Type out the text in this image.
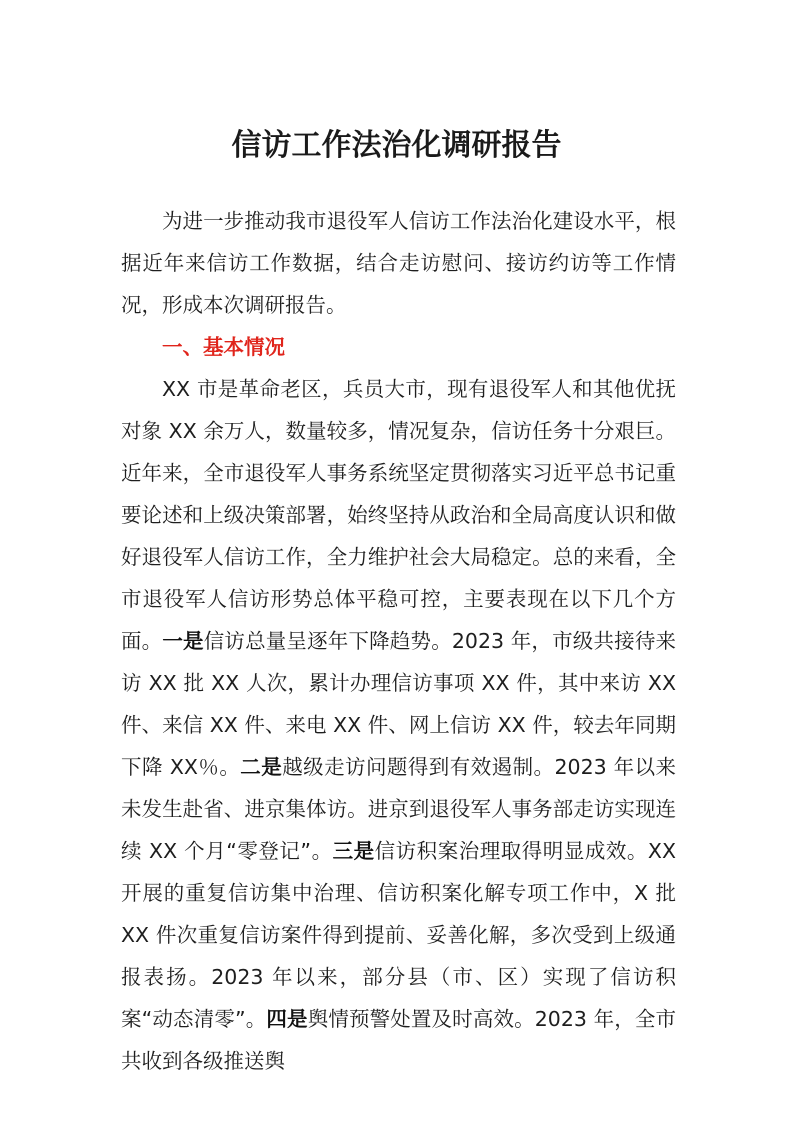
信访工作法治化调研报告

为进一步推动我市退役军人信访工作法治化建设水平，根据近年来信访工作数据，结合走访慰问、接访约访等工作情况，形成本次调研报告。

一、基本情况

XX 市是革命老区，兵员大市，现有退役军人和其他优抚对象 XX 余万人，数量较多，情况复杂，信访任务十分艰巨。近年来，全市退役军人事务系统坚定贯彻落实习近平总书记重要论述和上级决策部署，始终坚持从政治和全局高度认识和做好退役军人信访工作，全力维护社会大局稳定。总的来看，全市退役军人信访形势总体平稳可控，主要表现在以下几个方面。一是信访总量呈逐年下降趋势。2023 年，市级共接待来访 XX 批 XX 人次，累计办理信访事项 XX 件，其中来访 XX 件、来信 XX 件、来电 XX 件、网上信访 XX 件，较去年同期下降 XX％。二是越级走访问题得到有效遏制。2023 年以来未发生赴省、进京集体访。进京到退役军人事务部走访实现连续 XX 个月“零登记”。三是信访积案治理取得明显成效。XX 开展的重复信访集中治理、信访积案化解专项工作中，X 批 XX 件次重复信访案件得到提前、妥善化解，多次受到上级通报表扬。2023 年以来，部分县（市、区）实现了信访积案“动态清零”。四是舆情预警处置及时高效。2023 年，全市共收到各级推送舆
